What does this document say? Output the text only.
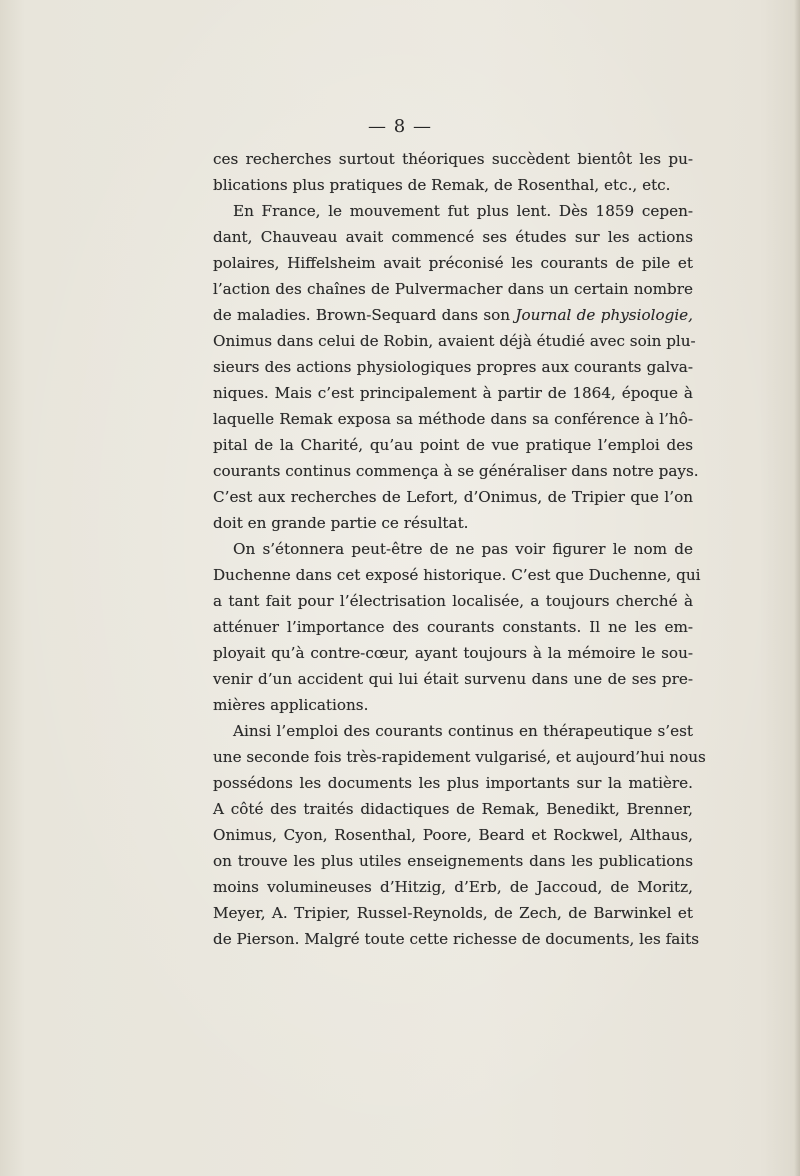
— 8 —
ces recherches surtout théoriques succèdent bientôt les pu-
blications plus pratiques de Remak, de Rosenthal, etc., etc.
En France, le mouvement fut plus lent. Dès 1859 cepen-
dant, Chauveau avait commencé ses études sur les actions
polaires, Hiffelsheim avait préconisé les courants de pile et
l’action des chaînes de Pulvermacher dans un certain nombre
de maladies. Brown-Sequard dans son Journal de physiologie,
Onimus dans celui de Robin, avaient déjà étudié avec soin plu-
sieurs des actions physiologiques propres aux courants galva-
niques. Mais c’est principalement à partir de 1864, époque à
laquelle Remak exposa sa méthode dans sa conférence à l’hô-
pital de la Charité, qu’au point de vue pratique l’emploi des
courants continus commença à se généraliser dans notre pays.
C’est aux recherches de Lefort, d’Onimus, de Tripier que l’on
doit en grande partie ce résultat.
On s’étonnera peut-être de ne pas voir figurer le nom de
Duchenne dans cet exposé historique. C’est que Duchenne, qui
a tant fait pour l’électrisation localisée, a toujours cherché à
atténuer l’importance des courants constants. Il ne les em-
ployait qu’à contre-cœur, ayant toujours à la mémoire le sou-
venir d’un accident qui lui était survenu dans une de ses pre-
mières applications.
Ainsi l’emploi des courants continus en thérapeutique s’est
une seconde fois très-rapidement vulgarisé, et aujourd’hui nous
possédons les documents les plus importants sur la matière.
A côté des traités didactiques de Remak, Benedikt, Brenner,
Onimus, Cyon, Rosenthal, Poore, Beard et Rockwel, Althaus,
on trouve les plus utiles enseignements dans les publications
moins volumineuses d’Hitzig, d’Erb, de Jaccoud, de Moritz,
Meyer, A. Tripier, Russel-Reynolds, de Zech, de Barwinkel et
de Pierson. Malgré toute cette richesse de documents, les faits
